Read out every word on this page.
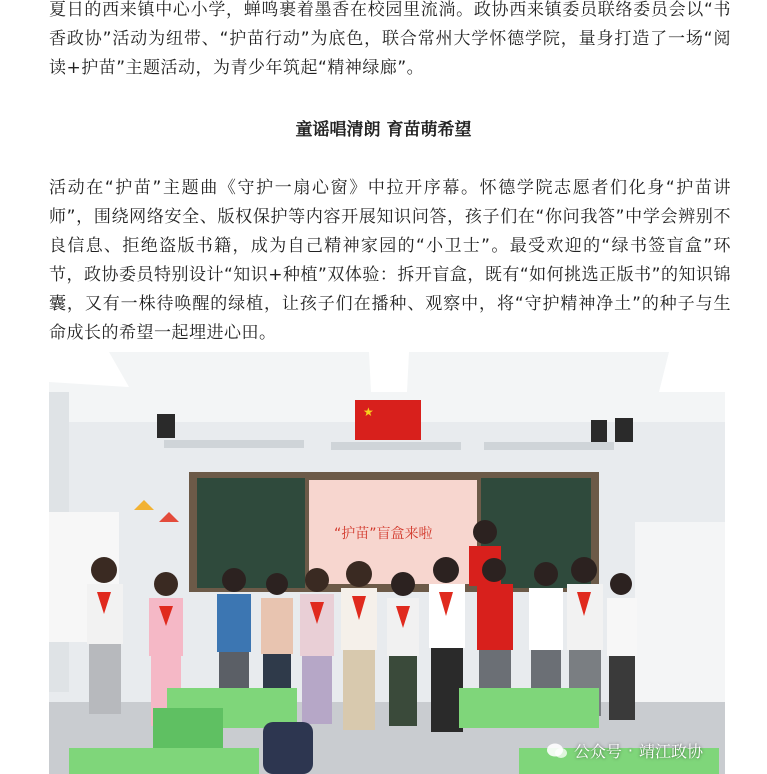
夏日的西来镇中心小学，蝉鸣裹着墨香在校园里流淌。政协西来镇委员联络委员会以“书香政协”活动为纽带、“护苗行动”为底色，联合常州大学怀德学院，量身打造了一场“阅读+护苗”主题活动，为青少年筑起“精神绿廊”。

童谣唱清朗 育苗萌希望

活动在“护苗”主题曲《守护一扇心窗》中拉开序幕。怀德学院志愿者们化身“护苗讲师”，围绕网络安全、版权保护等内容开展知识问答，孩子们在“你问我答”中学会辨别不良信息、拒绝盗版书籍，成为自己精神家园的“小卫士”。最受欢迎的“绿书签盲盒”环节，政协委员特别设计“知识+种植”双体验：拆开盲盒，既有“如何挑选正版书”的知识锦囊，又有一株待唤醒的绿植，让孩子们在播种、观察中，将“守护精神净土”的种子与生命成长的希望一起埋进心田。

★
“护苗”盲盒来啦
公众号 · 靖江政协
